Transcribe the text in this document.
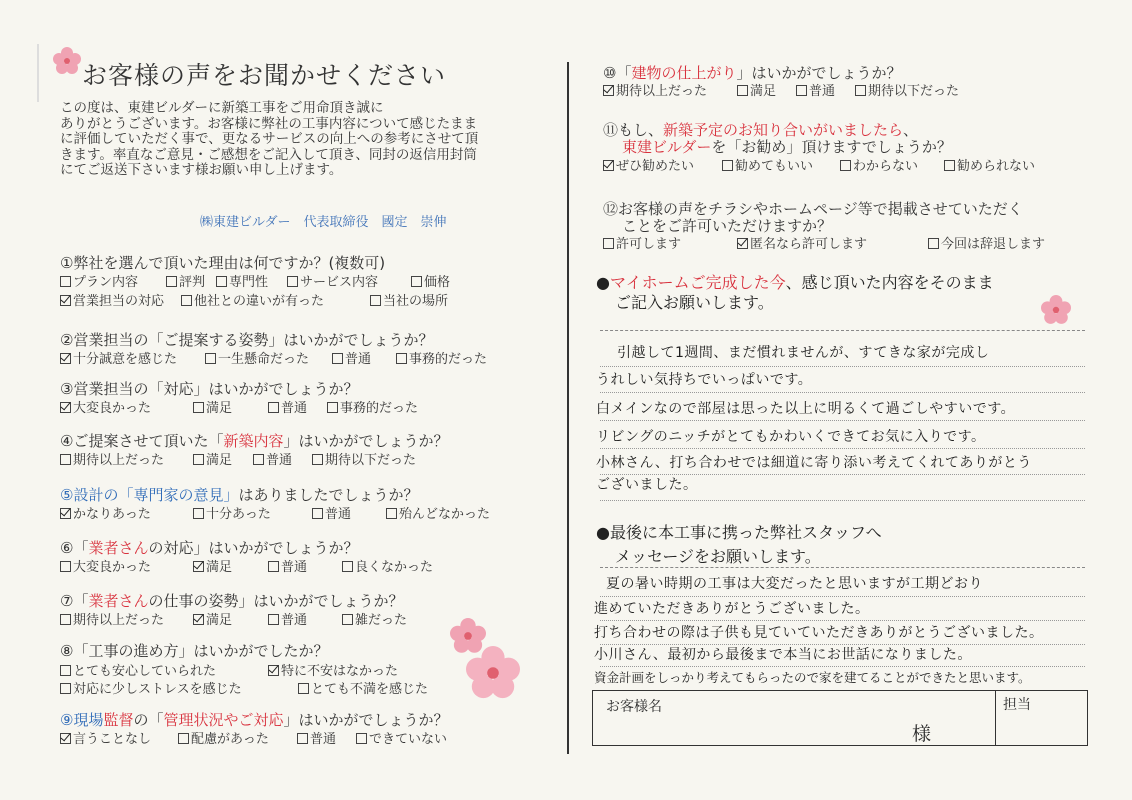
お客様の声をお聞かせください
この度は、東建ビルダーに新築工事をご用命頂き誠に
ありがとうございます。お客様に弊社の工事内容について感じたまま
に評価していただく事で、更なるサービスの向上への参考にさせて頂
きます。率直なご意見・ご感想をご記入して頂き、同封の返信用封筒
にてご返送下さいます様お願い申し上げます。
㈱東建ビルダー　代表取締役　國定　崇伸
①弊社を選んで頂いた理由は何ですか？(複数可)
プラン内容	評判	専門性	サービス内容	価格
営業担当の対応	他社との違いが有った	当社の場所
②営業担当の「ご提案する姿勢」はいかがでしょうか？
十分誠意を感じた	一生懸命だった	普通	事務的だった
③営業担当の「対応」はいかがでしょうか？
大変良かった	満足	普通	事務的だった
④ご提案させて頂いた「新築内容」はいかがでしょうか？
期待以上だった	満足	普通	期待以下だった
⑤設計の「専門家の意見」はありましたでしょうか？
かなりあった	十分あった	普通	殆んどなかった
⑥「業者さんの対応」はいかがでしょうか？
大変良かった	満足	普通	良くなかった
⑦「業者さんの仕事の姿勢」はいかがでしょうか？
期待以上だった	満足	普通	雑だった
⑧「工事の進め方」はいかがでしたか？
とても安心していられた	特に不安はなかった
対応に少しストレスを感じた	とても不満を感じた
⑨現場監督の「管理状況やご対応」はいかがでしょうか？
言うことなし	配慮があった	普通	できていない
⑩「建物の仕上がり」はいかがでしょうか？
期待以上だった	満足	普通	期待以下だった
⑪もし、新築予定のお知り合いがいましたら、
東建ビルダーを「お勧め」頂けますでしょうか？
ぜひ勧めたい	勧めてもいい	わからない	勧められない
⑫お客様の声をチラシやホームページ等で掲載させていただく
ことをご許可いただけますか？
許可します	匿名なら許可します	今回は辞退します
●マイホームご完成した今、感じ頂いた内容をそのまま
ご記入お願いします。
引越して1週間、まだ慣れませんが、すてきな家が完成し
うれしい気持ちでいっぱいです。
白メインなので部屋は思った以上に明るくて過ごしやすいです。
リビングのニッチがとてもかわいくできてお気に入りです。
小林さん、打ち合わせでは細道に寄り添い考えてくれてありがとう
ございました。
●最後に本工事に携った弊社スタッフへ
メッセージをお願いします。
夏の暑い時期の工事は大変だったと思いますが工期どおり
進めていただきありがとうございました。
打ち合わせの際は子供も見ていていただきありがとうございました。
小川さん、最初から最後まで本当にお世話になりました。
資金計画をしっかり考えてもらったので家を建てることができたと思います。
お客様名
様
担当
